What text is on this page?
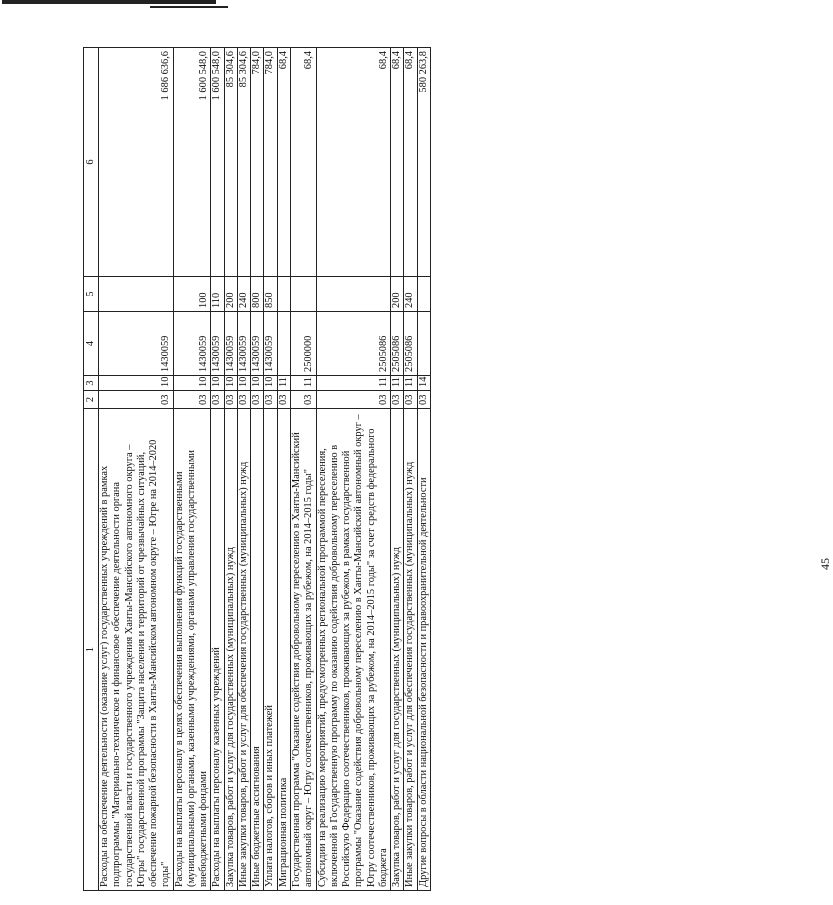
1	2	3	4	5	6
Расходы на обеспечение деятельности (оказание услуг) государственных учреждений в рамках подпрограммы "Материально-техническое и финансовое обеспечение деятельности органа государственной власти и государственного учреждения Ханты-Мансийского автономного округа – Югры" государственной программы "Защита населения и территорий от чрезвычайных ситуаций, обеспечение пожарной безопасности в Ханты-Мансийском автономном округе – Югре на 2014–2020 годы"	03	10	1430059		1 686 636,6
Расходы на выплаты персоналу в целях обеспечения выполнения функций государственными (муниципальными) органами, казенными учреждениями, органами управления государственными внебюджетными фондами	03	10	1430059	100	1 600 548,0
Расходы на выплаты персоналу казенных учреждений	03	10	1430059	110	1 600 548,0
Закупка товаров, работ и услуг для государственных (муниципальных) нужд	03	10	1430059	200	85 304,6
Иные закупки товаров, работ и услуг для обеспечения государственных (муниципальных) нужд	03	10	1430059	240	85 304,6
Иные бюджетные ассигнования	03	10	1430059	800	784,0
Уплата налогов, сборов и иных платежей	03	10	1430059	850	784,0
Миграционная политика	03	11			68,4
Государственная программа "Оказание содействия добровольному переселению в Ханты-Мансийский автономный округ – Югру соотечественников, проживающих за рубежом, на 2014–2015 годы"	03	11	2500000		68,4
Субсидии на реализацию мероприятий, предусмотренных региональной программой переселения, включенной в Государственную программу по оказанию содействия добровольному переселению в Российскую Федерацию соотечественников, проживающих за рубежом, в рамках государственной программы "Оказание содействия добровольному переселению в Ханты-Мансийский автономный округ – Югру соотечественников, проживающих за рубежом, на 2014–2015 годы" за счет средств федерального бюджета	03	11	2505086		68,4
Закупка товаров, работ и услуг для государственных (муниципальных) нужд	03	11	2505086	200	68,4
Иные закупки товаров, работ и услуг для обеспечения государственных (муниципальных) нужд	03	11	2505086	240	68,4
Другие вопросы в области национальной безопасности и правоохранительной деятельности	03	14			580 263,8
45
